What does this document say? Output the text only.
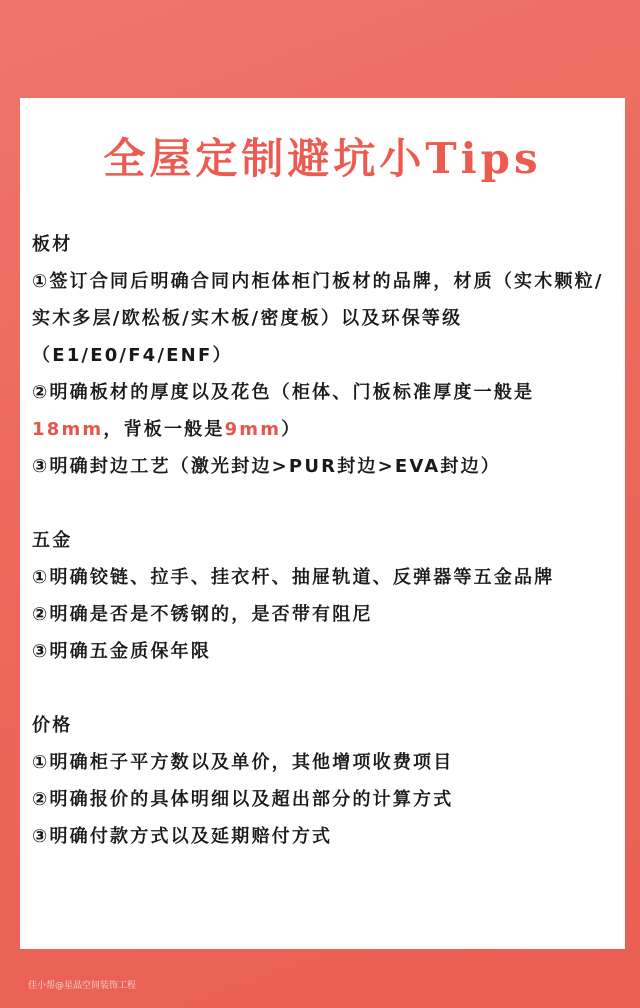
全屋定制避坑小Tips

板材

①签订合同后明确合同内柜体柜门板材的品牌，材质（实木颗粒/实木多层/欧松板/实木板/密度板）以及环保等级（E1/E0/F4/ENF）

②明确板材的厚度以及花色（柜体、门板标准厚度一般是18mm，背板一般是9mm）

③明确封边工艺（激光封边>PUR封边>EVA封边）

五金

①明确铰链、拉手、挂衣杆、抽屉轨道、反弹器等五金品牌

②明确是否是不锈钢的，是否带有阻尼

③明确五金质保年限

价格

①明确柜子平方数以及单价，其他增项收费项目

②明确报价的具体明细以及超出部分的计算方式

③明确付款方式以及延期赔付方式

佳小帮@星晶空间装饰工程
